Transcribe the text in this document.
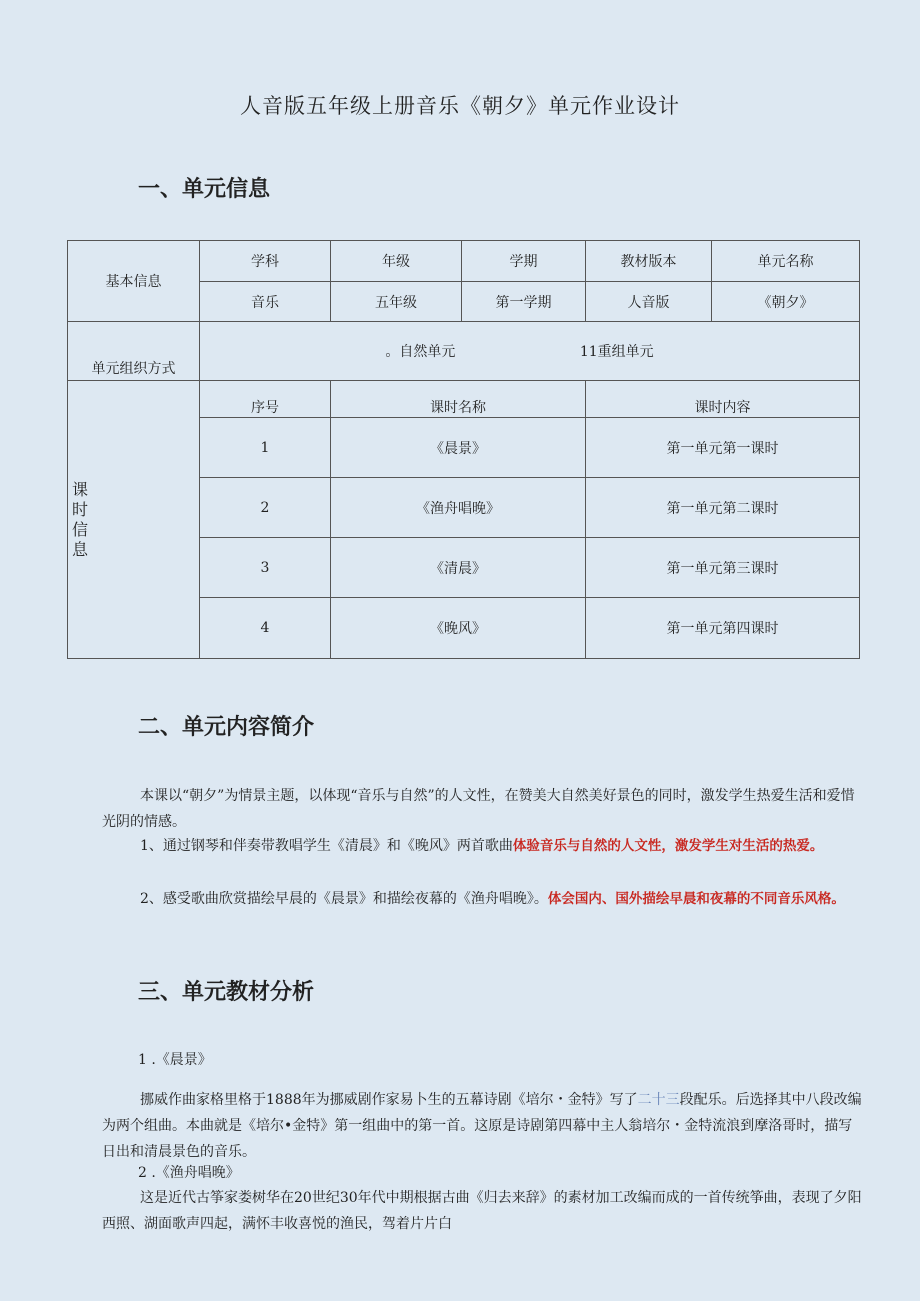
人音版五年级上册音乐《朝夕》单元作业设计
一、单元信息
基本信息	学科	年级	学期	教材版本	单元名称
	音乐	五年级	第一学期	人音版	《朝夕》
单元组织方式	。自然单元 11重组单元				

课
时
信
息	序号	课时名称		课时内容	
	1	《晨景》		第一单元第一课时	
	2	《渔舟唱晚》		第一单元第二课时	
	3	《清晨》		第一单元第三课时	
	4	《晚风》		第一单元第四课时	
二、单元内容简介
本课以“朝夕”为情景主题，以体现“音乐与自然”的人文性，在赞美大自然美好景色的同时，激发学生热爱生活和爱惜光阴的情感。
1、通过钢琴和伴奏带教唱学生《清晨》和《晚风》两首歌曲体验音乐与自然的人文性，激发学生对生活的热爱。
2、感受歌曲欣赏描绘早晨的《晨景》和描绘夜幕的《渔舟唱晚》。体会国内、国外描绘早晨和夜幕的不同音乐风格。
三、单元教材分析
1 .《晨景》
挪威作曲家格里格于1888年为挪威剧作家易卜生的五幕诗剧《培尔・金特》写了二十三段配乐。后选择其中八段改编为两个组曲。本曲就是《培尔•金特》第一组曲中的第一首。这原是诗剧第四幕中主人翁培尔・金特流浪到摩洛哥时，描写日出和清晨景色的音乐。
2 .《渔舟唱晚》
这是近代古筝家娄树华在20世纪30年代中期根据古曲《归去来辞》的素材加工改编而成的一首传统筝曲，表现了夕阳西照、湖面歌声四起，满怀丰收喜悦的渔民，驾着片片白
